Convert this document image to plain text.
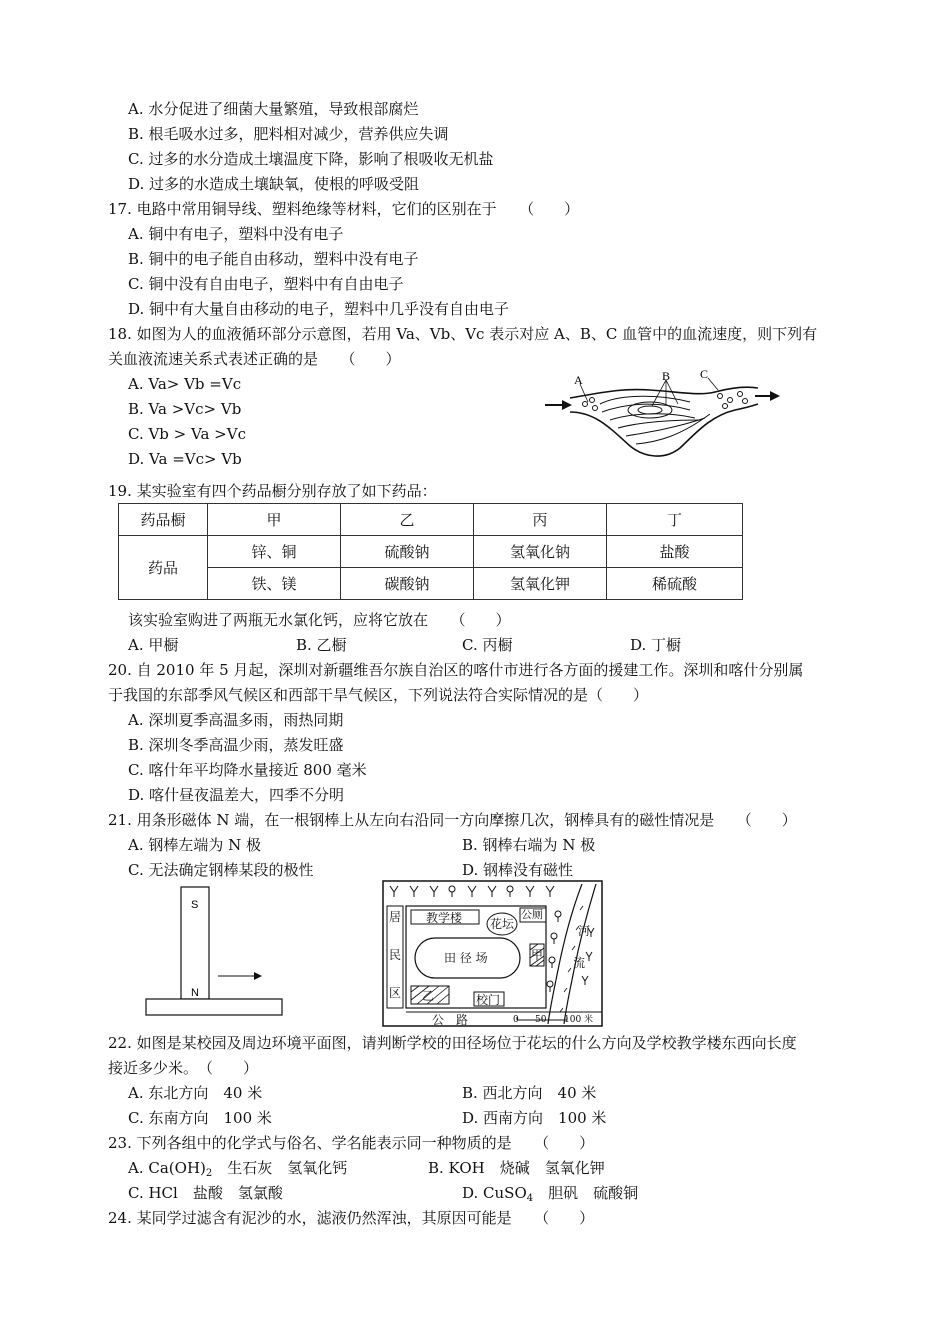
A. 水分促进了细菌大量繁殖，导致根部腐烂
B. 根毛吸水过多，肥料相对减少，营养供应失调
C. 过多的水分造成土壤温度下降，影响了根吸收无机盐
D. 过多的水造成土壤缺氧，使根的呼吸受阻
17. 电路中常用铜导线、塑料绝缘等材料，它们的区别在于　　（　　）
A. 铜中有电子，塑料中没有电子
B. 铜中的电子能自由移动，塑料中没有电子
C. 铜中没有自由电子，塑料中有自由电子
D. 铜中有大量自由移动的电子，塑料中几乎没有自由电子
18. 如图为人的血液循环部分示意图，若用 Va、Vb、Vc 表示对应 A、B、C 血管中的血流速度，则下列有
关血液流速关系式表述正确的是　　（　　）
A. Va> Vb =Vc
B. Va >Vc> Vb
C. Vb > Va >Vc
D. Va =Vc> Vb
A	B C
19. 某实验室有四个药品橱分别存放了如下药品：
药品橱	甲	乙	丙	丁
药品	锌、铜	硫酸钠	氢氧化钠	盐酸
	铁、镁	碳酸钠	氢氧化钾	稀硫酸
该实验室购进了两瓶无水氯化钙，应将它放在　　（　　）
A. 甲橱	B. 乙橱	C. 丙橱	D. 丁橱
20. 自 2010 年 5 月起，深圳对新疆维吾尔族自治区的喀什市进行各方面的援建工作。深圳和喀什分别属
于我国的东部季风气候区和西部干旱气候区，下列说法符合实际情况的是（　　）
A. 深圳夏季高温多雨，雨热同期
B. 深圳冬季高温少雨，蒸发旺盛
C. 喀什年平均降水量接近 800 毫米
D. 喀什昼夜温差大，四季不分明
21. 用条形磁体 N 端，在一根钢棒上从左向右沿同一方向摩擦几次，钢棒具有的磁性情况是　　（　　）
A. 钢棒左端为 N 极	B. 钢棒右端为 N 极
C. 无法确定钢棒某段的极性	D. 钢棒没有磁性
S
N
居
民
区
教学楼 花坛
公厕
田 径 场	甲
乙	校门
河
流
公　路	0 50 100 米
22. 如图是某校园及周边环境平面图，请判断学校的田径场位于花坛的什么方向及学校教学楼东西向长度
接近多少米。　（　　）
A. 东北方向　40 米	B. 西北方向　40 米
C. 东南方向　100 米	D. 西南方向　100 米
23. 下列各组中的化学式与俗名、学名能表示同一种物质的是　　（　　）
A. $Ca(OH)_2$　生石灰　氢氧化钙	B. KOH　烧碱　氢氧化钾
C. HCl　盐酸　氢氯酸	D. CuSO$_4$　胆矾　硫酸铜
24. 某同学过滤含有泥沙的水，滤液仍然浑浊，其原因可能是　　（　　）
